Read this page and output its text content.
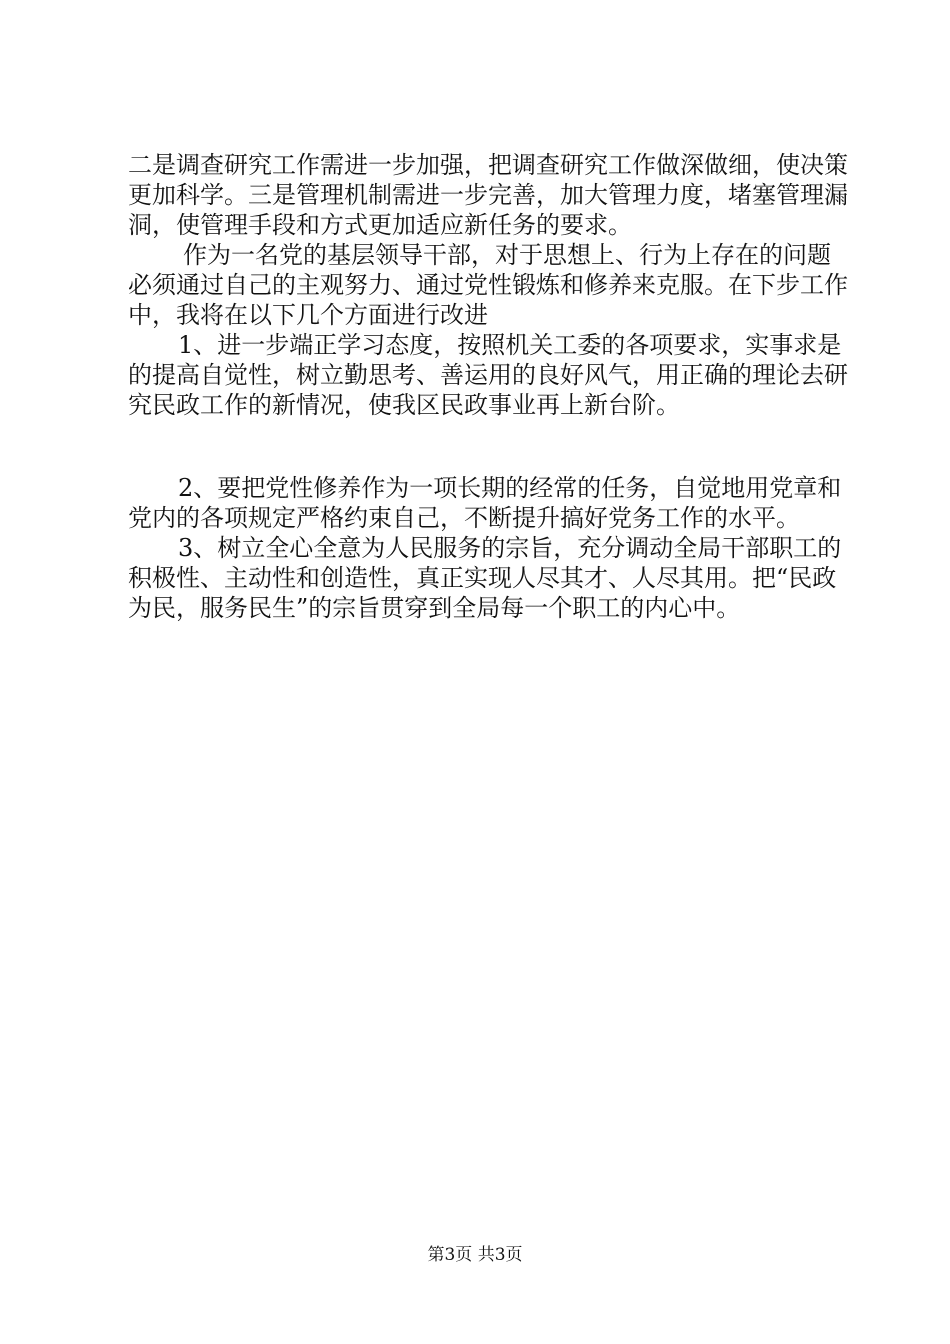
二是调查研究工作需进一步加强，把调查研究工作做深做细，使决策更加科学。三是管理机制需进一步完善，加大管理力度，堵塞管理漏洞，使管理手段和方式更加适应新任务的要求。

作为一名党的基层领导干部，对于思想上、行为上存在的问题必须通过自己的主观努力、通过党性锻炼和修养来克服。在下步工作中，我将在以下几个方面进行改进

1、进一步端正学习态度，按照机关工委的各项要求，实事求是的提高自觉性，树立勤思考、善运用的良好风气，用正确的理论去研究民政工作的新情况，使我区民政事业再上新台阶。

2、要把党性修养作为一项长期的经常的任务，自觉地用党章和党内的各项规定严格约束自己，不断提升搞好党务工作的水平。

3、树立全心全意为人民服务的宗旨，充分调动全局干部职工的积极性、主动性和创造性，真正实现人尽其才、人尽其用。把“民政为民，服务民生”的宗旨贯穿到全局每一个职工的内心中。

第3页 共3页
